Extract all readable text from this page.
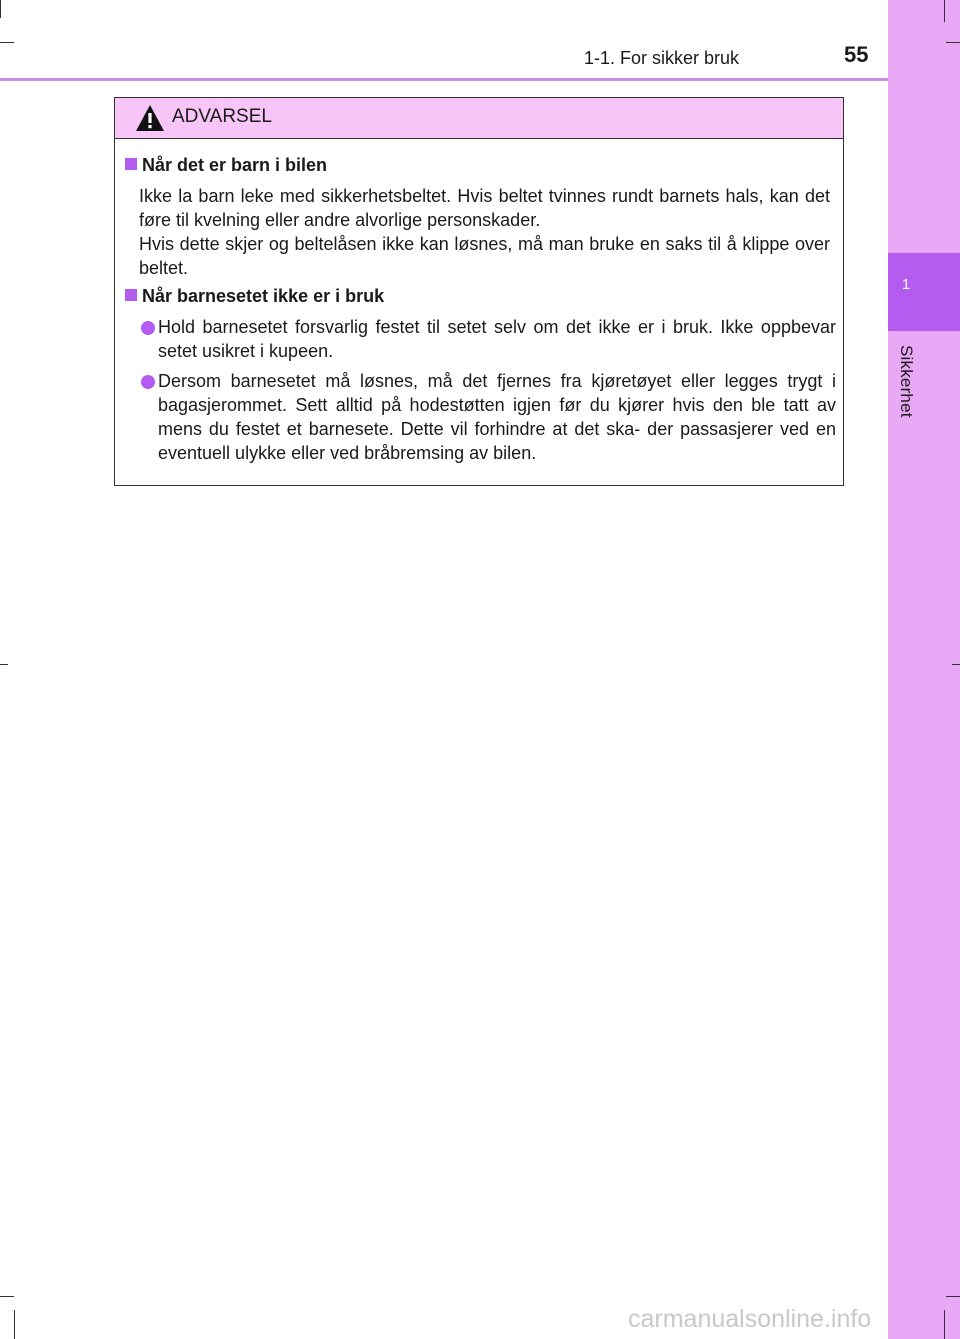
1
Sikkerhet
1-1. For sikker bruk	55
ADVARSEL
Når det er barn i bilen
Ikke la barn leke med sikkerhetsbeltet. Hvis beltet tvinnes rundt barnets hals, kan det føre til kvelning eller andre alvorlige personskader.
Hvis dette skjer og beltelåsen ikke kan løsnes, må man bruke en saks til å klippe over beltet.
Når barnesetet ikke er i bruk
Hold barnesetet forsvarlig festet til setet selv om det ikke er i bruk. Ikke oppbevar setet usikret i kupeen.
Dersom barnesetet må løsnes, må det fjernes fra kjøretøyet eller legges trygt i bagasjerommet. Sett alltid på hodestøtten igjen før du kjører hvis den ble tatt av mens du festet et barnesete. Dette vil forhindre at det ska- der passasjerer ved en eventuell ulykke eller ved bråbremsing av bilen.
carmanualsonline.info
